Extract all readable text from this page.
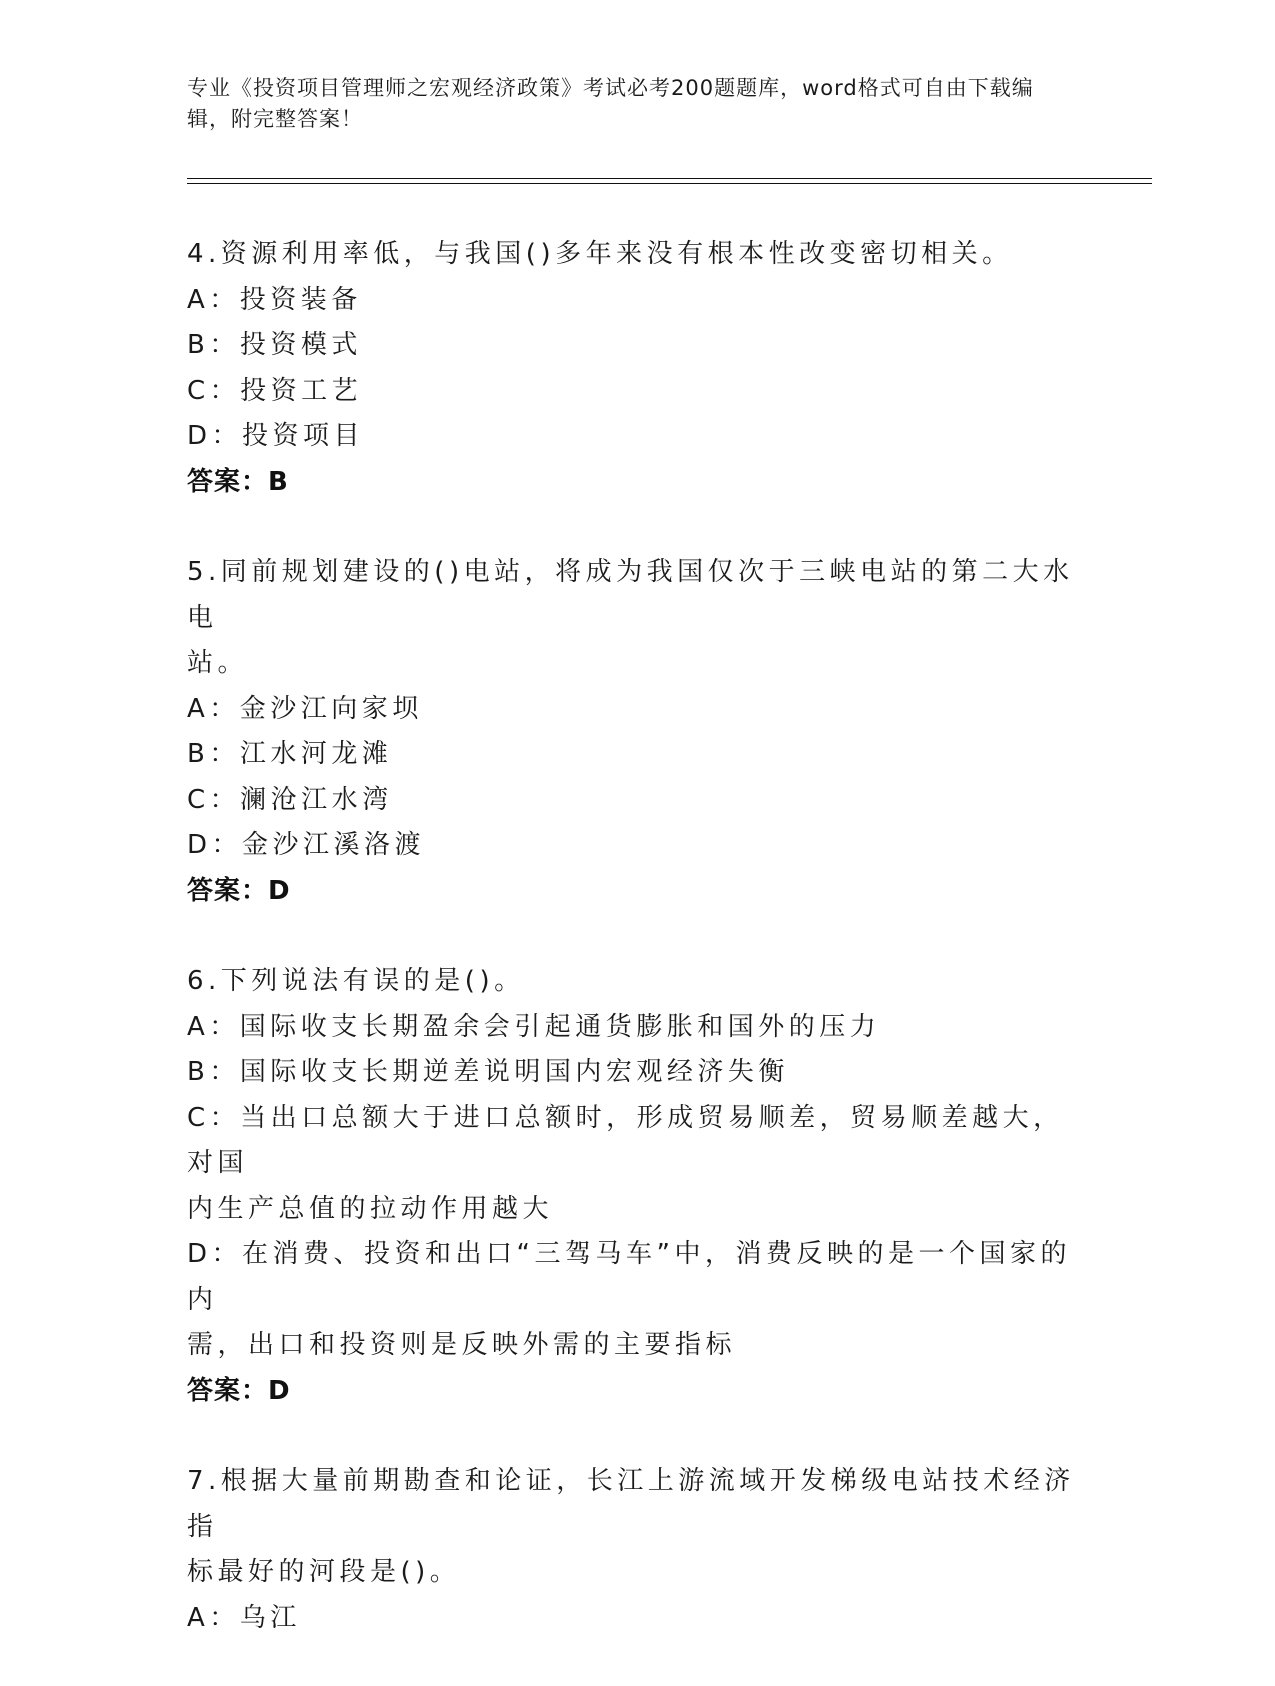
专业《投资项目管理师之宏观经济政策》考试必考200题题库，word格式可自由下载编辑，附完整答案！
4.资源利用率低，与我国()多年来没有根本性改变密切相关。
A：投资装备
B：投资模式
C：投资工艺
D：投资项目
答案：B
5.同前规划建设的()电站，将成为我国仅次于三峡电站的第二大水电
站。
A：金沙江向家坝
B：江水河龙滩
C：澜沧江水湾
D：金沙江溪洛渡
答案：D
6.下列说法有误的是()。
A：国际收支长期盈余会引起通货膨胀和国外的压力
B：国际收支长期逆差说明国内宏观经济失衡
C：当出口总额大于进口总额时，形成贸易顺差，贸易顺差越大，对国
内生产总值的拉动作用越大
D：在消费、投资和出口“三驾马车”中，消费反映的是一个国家的内
需，出口和投资则是反映外需的主要指标
答案：D
7.根据大量前期勘查和论证，长江上游流域开发梯级电站技术经济指
标最好的河段是()。
A：乌江
